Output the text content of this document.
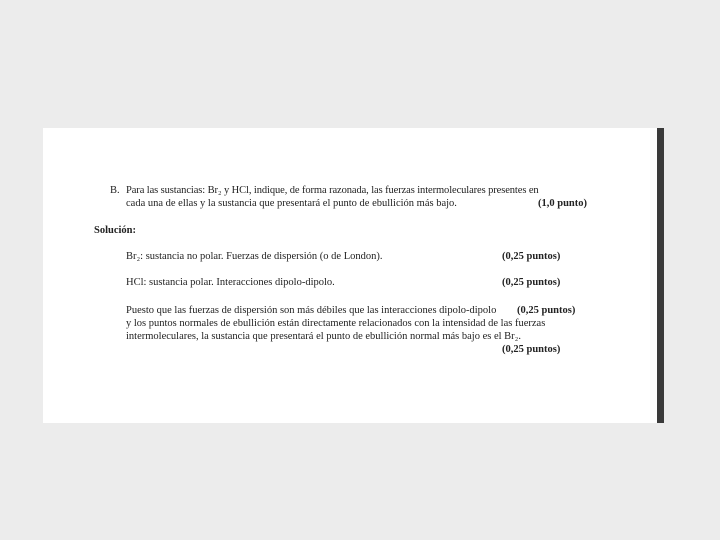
B. Para las sustancias: Br₂ y HCl, indique, de forma razonada, las fuerzas intermoleculares presentes en
cada una de ellas y la sustancia que presentará el punto de ebullición más bajo.	(1,0 punto)
Solución:
Br₂: sustancia no polar. Fuerzas de dispersión (o de London).	(0,25 puntos)
HCl: sustancia polar. Interacciones dipolo-dipolo.	(0,25 puntos)
Puesto que las fuerzas de dispersión son más débiles que las interacciones dipolo-dipolo (0,25 puntos)
y los puntos normales de ebullición están directamente relacionados con la intensidad de las fuerzas
intermoleculares, la sustancia que presentará el punto de ebullición normal más bajo es el Br₂.
(0,25 puntos)
